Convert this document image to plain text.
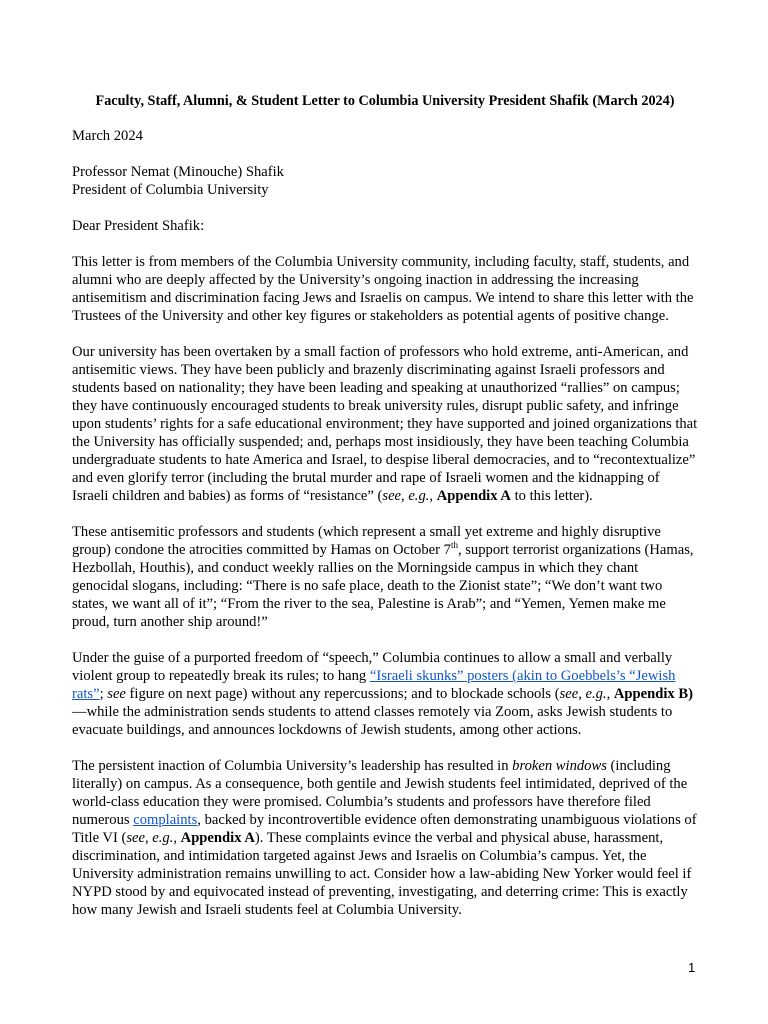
Faculty, Staff, Alumni, & Student Letter to Columbia University President Shafik (March 2024)

March 2024

Professor Nemat (Minouche) Shafik
President of Columbia University

Dear President Shafik:

This letter is from members of the Columbia University community, including faculty, staff, students, and alumni who are deeply affected by the University’s ongoing inaction in addressing the increasing antisemitism and discrimination facing Jews and Israelis on campus. We intend to share this letter with the Trustees of the University and other key figures or stakeholders as potential agents of positive change.

Our university has been overtaken by a small faction of professors who hold extreme, anti-American, and antisemitic views. They have been publicly and brazenly discriminating against Israeli professors and students based on nationality; they have been leading and speaking at unauthorized “rallies” on campus; they have continuously encouraged students to break university rules, disrupt public safety, and infringe upon students’ rights for a safe educational environment; they have supported and joined organizations that the University has officially suspended; and, perhaps most insidiously, they have been teaching Columbia undergraduate students to hate America and Israel, to despise liberal democracies, and to “recontextualize” and even glorify terror (including the brutal murder and rape of Israeli women and the kidnapping of Israeli children and babies) as forms of “resistance” (see, e.g., Appendix A to this letter).

These antisemitic professors and students (which represent a small yet extreme and highly disruptive group) condone the atrocities committed by Hamas on October 7th, support terrorist organizations (Hamas, Hezbollah, Houthis), and conduct weekly rallies on the Morningside campus in which they chant genocidal slogans, including: “There is no safe place, death to the Zionist state”; “We don’t want two states, we want all of it”; “From the river to the sea, Palestine is Arab”; and “Yemen, Yemen make me proud, turn another ship around!”

Under the guise of a purported freedom of “speech,” Columbia continues to allow a small and verbally violent group to repeatedly break its rules; to hang “Israeli skunks” posters (akin to Goebbels’s “Jewish rats”; see figure on next page) without any repercussions; and to blockade schools (see, e.g., Appendix B)—while the administration sends students to attend classes remotely via Zoom, asks Jewish students to evacuate buildings, and announces lockdowns of Jewish students, among other actions.

The persistent inaction of Columbia University’s leadership has resulted in broken windows (including literally) on campus. As a consequence, both gentile and Jewish students feel intimidated, deprived of the world-class education they were promised. Columbia’s students and professors have therefore filed numerous complaints, backed by incontrovertible evidence often demonstrating unambiguous violations of Title VI (see, e.g., Appendix A). These complaints evince the verbal and physical abuse, harassment, discrimination, and intimidation targeted against Jews and Israelis on Columbia’s campus. Yet, the University administration remains unwilling to act. Consider how a law-abiding New Yorker would feel if NYPD stood by and equivocated instead of preventing, investigating, and deterring crime: This is exactly how many Jewish and Israeli students feel at Columbia University.

1
